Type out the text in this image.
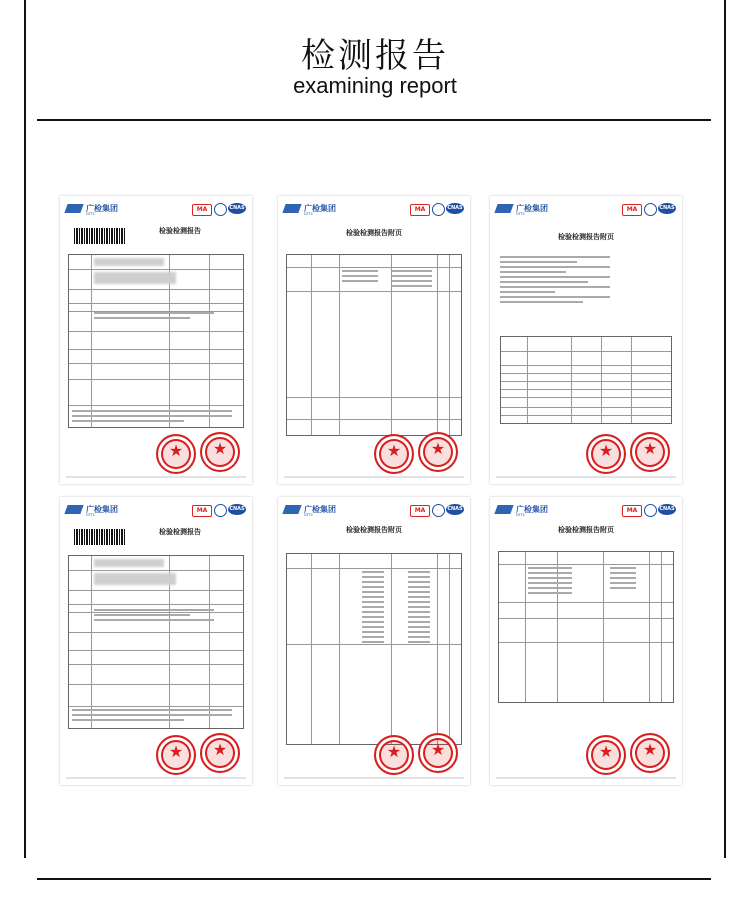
检测报告
examining report
广检集团
GTTC
MA	CNAS
检验检测报告
★	★
广检集团
GTTC
MA	CNAS
检验检测报告附页
★	★
广检集团
GTTC
MA	CNAS
检验检测报告附页
★	★
广检集团
GTTC
MA	CNAS
检验检测报告
★	★
广检集团
GTTC
MA	CNAS
检验检测报告附页
★	★
广检集团
GTTC
MA	CNAS
检验检测报告附页
★	★
